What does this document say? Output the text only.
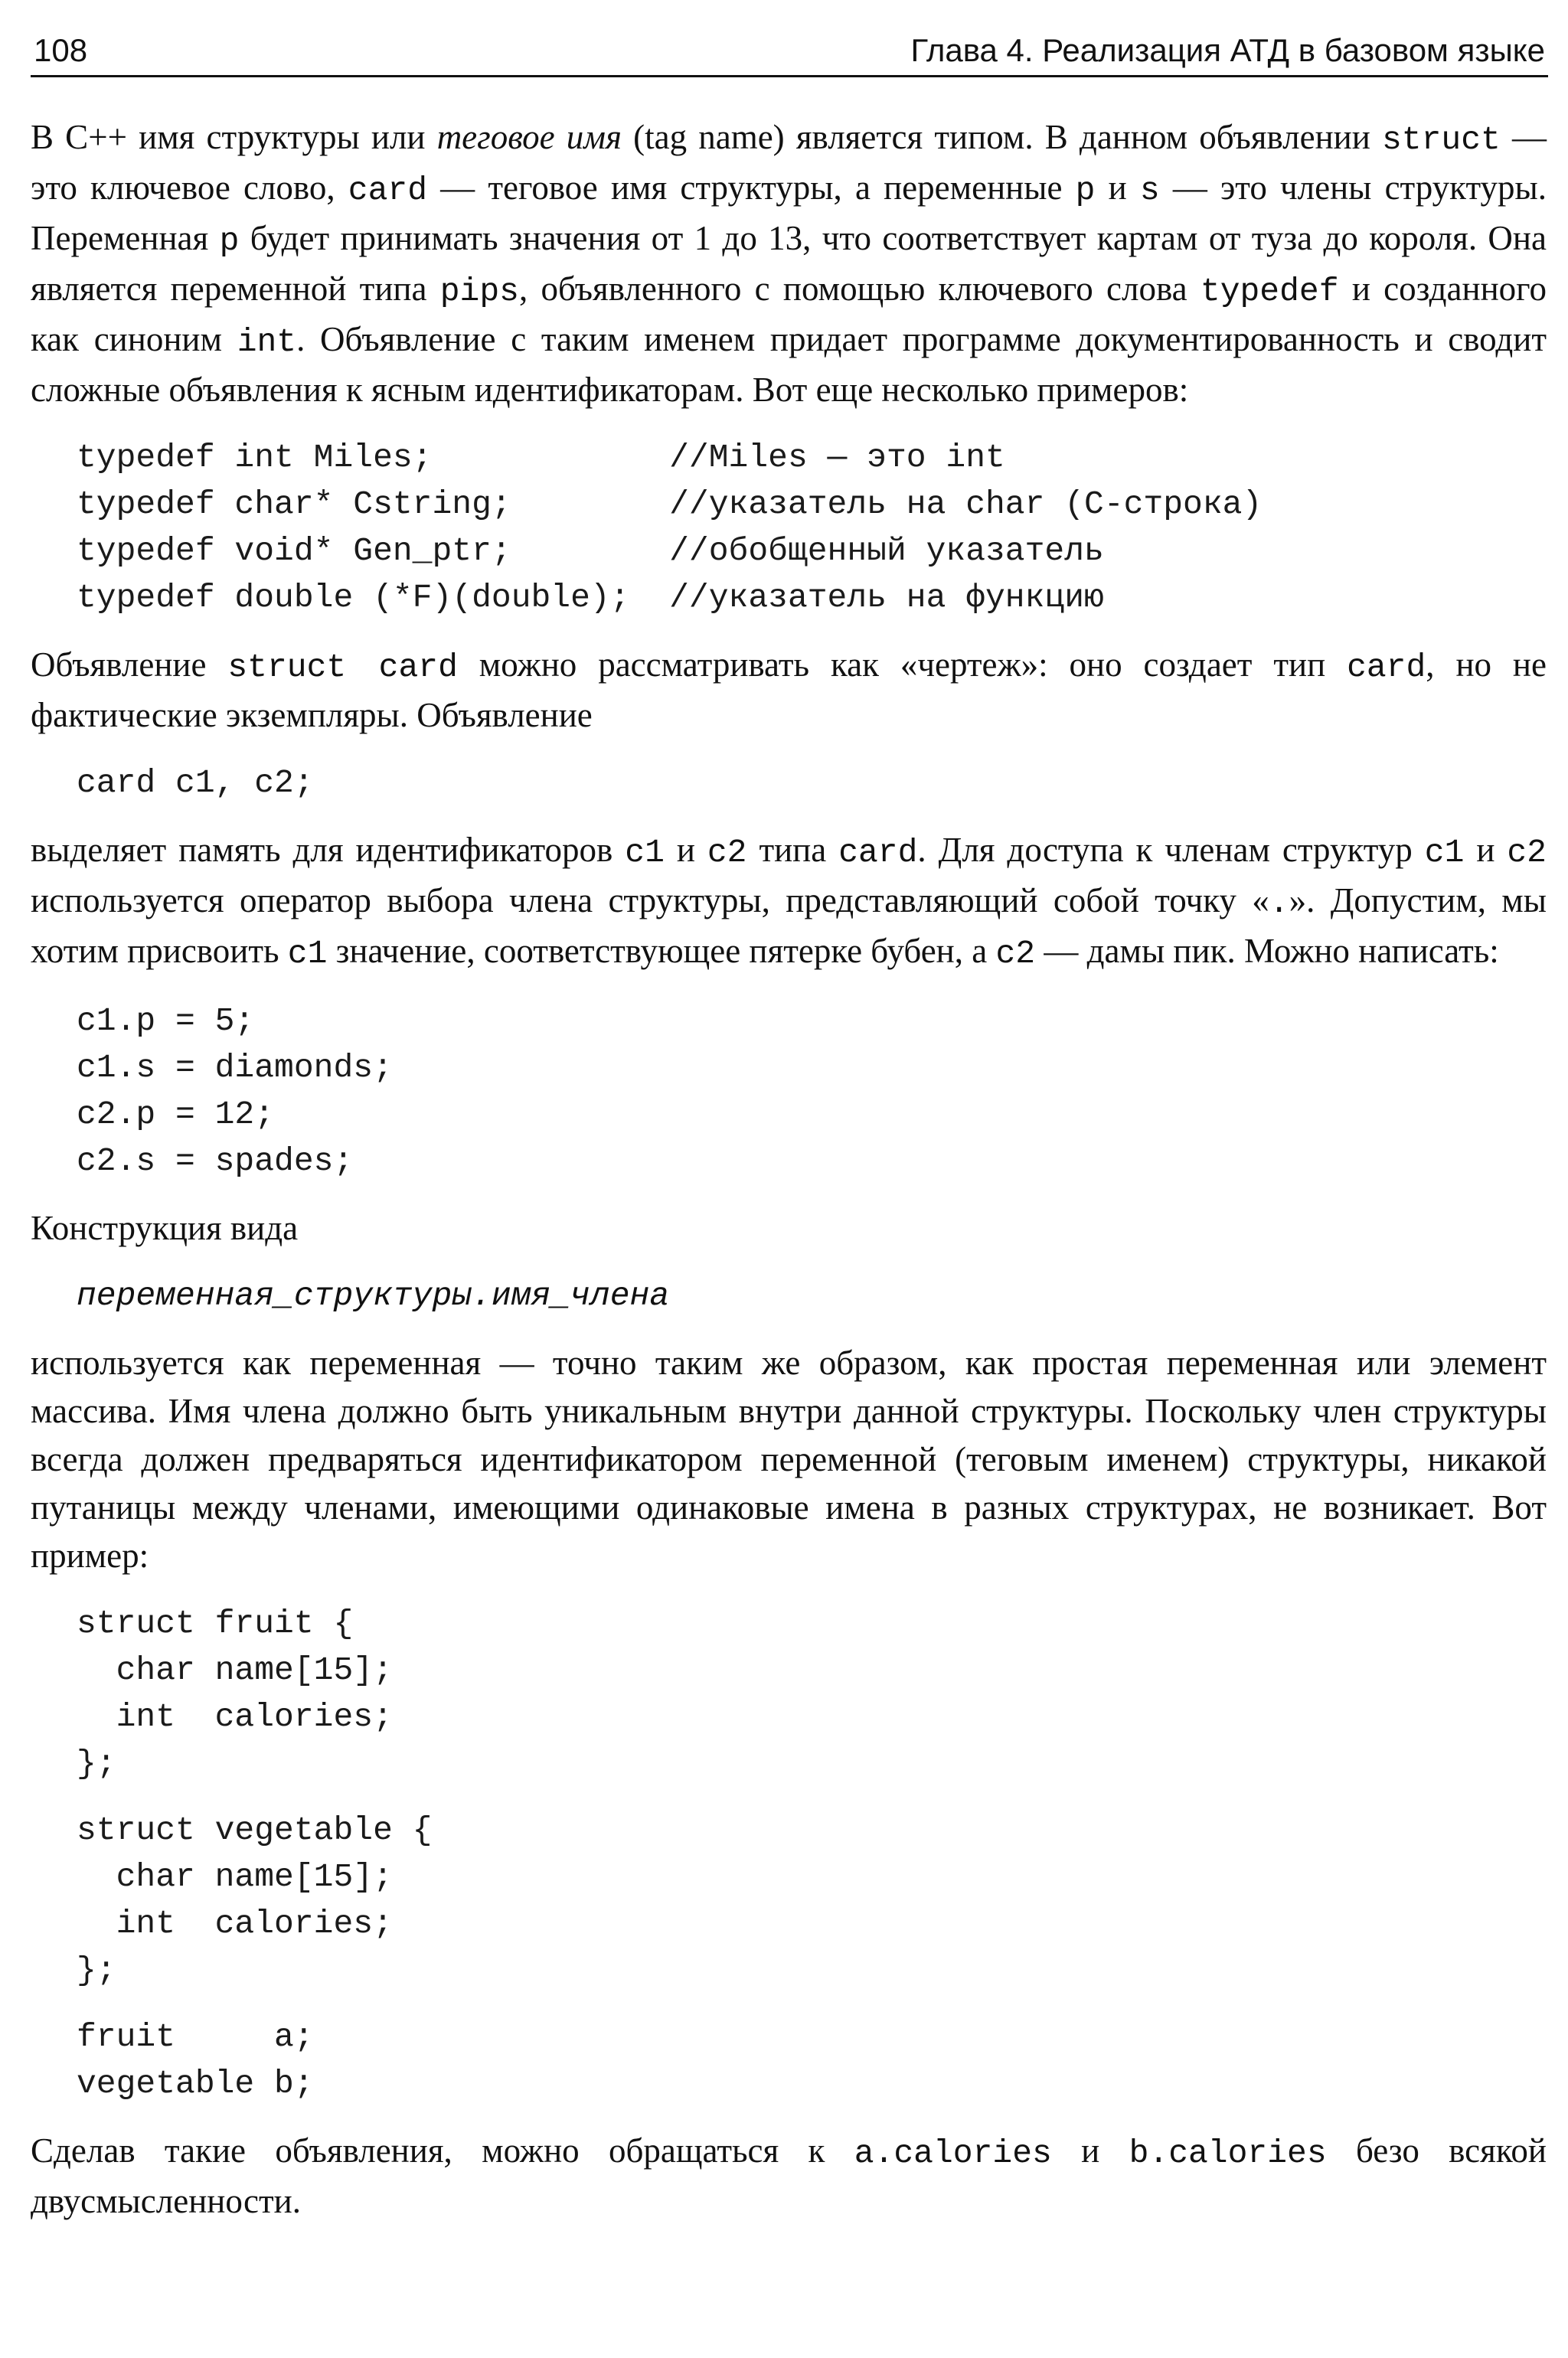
108	Глава 4. Реализация АТД в базовом языке

В С++ имя структуры или теговое имя (tag name) является типом. В данном объявлении struct — это ключевое слово, card — теговое имя структуры, а переменные p и s — это члены структуры. Переменная p будет принимать значения от 1 до 13, что соответствует картам от туза до короля. Она является переменной типа pips, объявленного с помощью ключевого слова typedef и созданного как синоним int. Объявление с таким именем придает программе документированность и сводит сложные объявления к ясным идентификаторам. Вот еще несколько примеров:

typedef int Miles;            //Miles — это int
typedef char* Cstring;        //указатель на char (C-строка)
typedef void* Gen_ptr;        //обобщенный указатель
typedef double (*F)(double);  //указатель на функцию

Объявление struct card можно рассматривать как «чертеж»: оно создает тип card, но не фактические экземпляры. Объявление

card c1, c2;

выделяет память для идентификаторов c1 и c2 типа card. Для доступа к членам структур c1 и c2 используется оператор выбора члена структуры, представляющий собой точку «.». Допустим, мы хотим присвоить c1 значение, соответствующее пятерке бубен, а c2 — дамы пик. Можно написать:

c1.p = 5;
c1.s = diamonds;
c2.p = 12;
c2.s = spades;

Конструкция вида

переменная_структуры.имя_члена

используется как переменная — точно таким же образом, как простая переменная или элемент массива. Имя члена должно быть уникальным внутри данной структуры. Поскольку член структуры всегда должен предваряться идентификатором переменной (теговым именем) структуры, никакой путаницы между членами, имеющими одинаковые имена в разных структурах, не возникает. Вот пример:

struct fruit {
char name[15];
int  calories;
};
struct vegetable {
char name[15];
int  calories;
};
fruit     a;
vegetable b;

Сделав такие объявления, можно обращаться к a.calories и b.calories безо всякой двусмысленности.
